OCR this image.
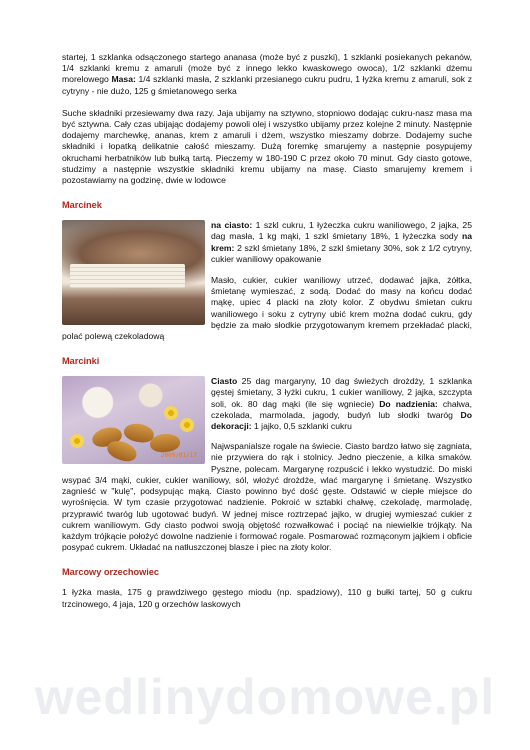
startej, 1 szklanka odsączonego startego ananasa (może być z puszki), 1 szklanki posiekanych pekanów, 1/4 szklanki kremu z amaruli (może być z innego lekko kwaskowego owoca), 1/2 szklanki dżemu morelowego Masa: 1/4 szklanki masła, 2 szklanki przesianego cukru pudru, 1 łyżka kremu z amaruli, sok z cytryny - nie dużo, 125 g śmietanowego serka

Suche składniki przesiewamy dwa razy. Jaja ubijamy na sztywno, stopniowo dodając cukru-nasz masa ma być sztywna. Cały czas ubijając dodajemy powoli olej i wszystko ubijamy przez kolejne 2 minuty. Następnie dodajemy marchewkę, ananas, krem z amaruli i dżem, wszystko mieszamy dobrze. Dodajemy suche składniki i łopatką delikatnie całość mieszamy. Dużą foremkę smarujemy a następnie posypujemy okruchami herbatników lub bułką tartą. Pieczemy w 180-190 C przez około 70 minut. Gdy ciasto gotowe, studzimy a następnie wszystkie składniki kremu ubijamy na masę. Ciasto smarujemy kremem i pozostawiamy na godzinę, dwie w lodowce

Marcinek

na ciasto: 1 szkl cukru, 1 łyżeczka cukru waniliowego, 2 jajka, 25 dag masła, 1 kg mąki, 1 szkl śmietany 18%, 1 łyżeczka sody na krem: 2 szkl śmietany 18%, 2 szkl śmietany 30%, sok z 1/2 cytryny, cukier waniliowy opakowanie

Masło, cukier, cukier waniliowy utrzeć, dodawać jajka, żółtka, śmietanę wymieszać, z sodą. Dodać do masy na końcu dodać mąkę, upiec 4 placki na złoty kolor. Z obydwu śmietan cukru waniliowego i soku z cytryny ubić krem można dodać cukru, gdy będzie za mało słodkie przygotowanym kremem przekładać placki, polać polewą czekoladową

Marcinki
2009/01/17

Ciasto 25 dag margaryny, 10 dag świeżych drożdży, 1 szklanka gęstej śmietany, 3 łyżki cukru, 1 cukier waniliowy, 2 jajka, szczypta soli, ok. 80 dag mąki (ile się wgniecie) Do nadzienia: chałwa, czekolada, marmolada, jagody, budyń lub słodki twaróg Do dekoracji: 1 jajko, 0,5 szklanki cukru

Najwspanialsze rogale na świecie. Ciasto bardzo łatwo się zagniata, nie przywiera do rąk i stolnicy. Jedno pieczenie, a kilka smaków. Pyszne, polecam. Margarynę rozpuścić i lekko wystudzić. Do miski wsypać 3/4 mąki, cukier, cukier waniliowy, sól, włożyć drożdże, wlać margarynę i śmietanę. Wszystko zagnieść w "kulę", podsypując mąką. Ciasto powinno być dość gęste. Odstawić w ciepłe miejsce do wyrośnięcia. W tym czasie przygotować nadzienie. Pokroić w sztabki chałwę, czekoladę, marmoladę, przyprawić twaróg lub ugotować budyń. W jednej misce roztrzepać jajko, w drugiej wymieszać cukier z cukrem waniliowym. Gdy ciasto podwoi swoją objętość rozwałkować i pociąć na niewielkie trójkąty. Na każdym trójkącie położyć dowolne nadzienie i formować rogale. Posmarować rozmąconym jajkiem i obficie posypać cukrem. Układać na natłuszczonej blasze i piec na złoty kolor.

Marcowy orzechowiec

1 łyżka masła, 175 g prawdziwego gęstego miodu (np. spadziowy), 110 g bułki tartej, 50 g cukru trzcinowego, 4 jaja, 120 g orzechów laskowych

wedlinydomowe.pl
